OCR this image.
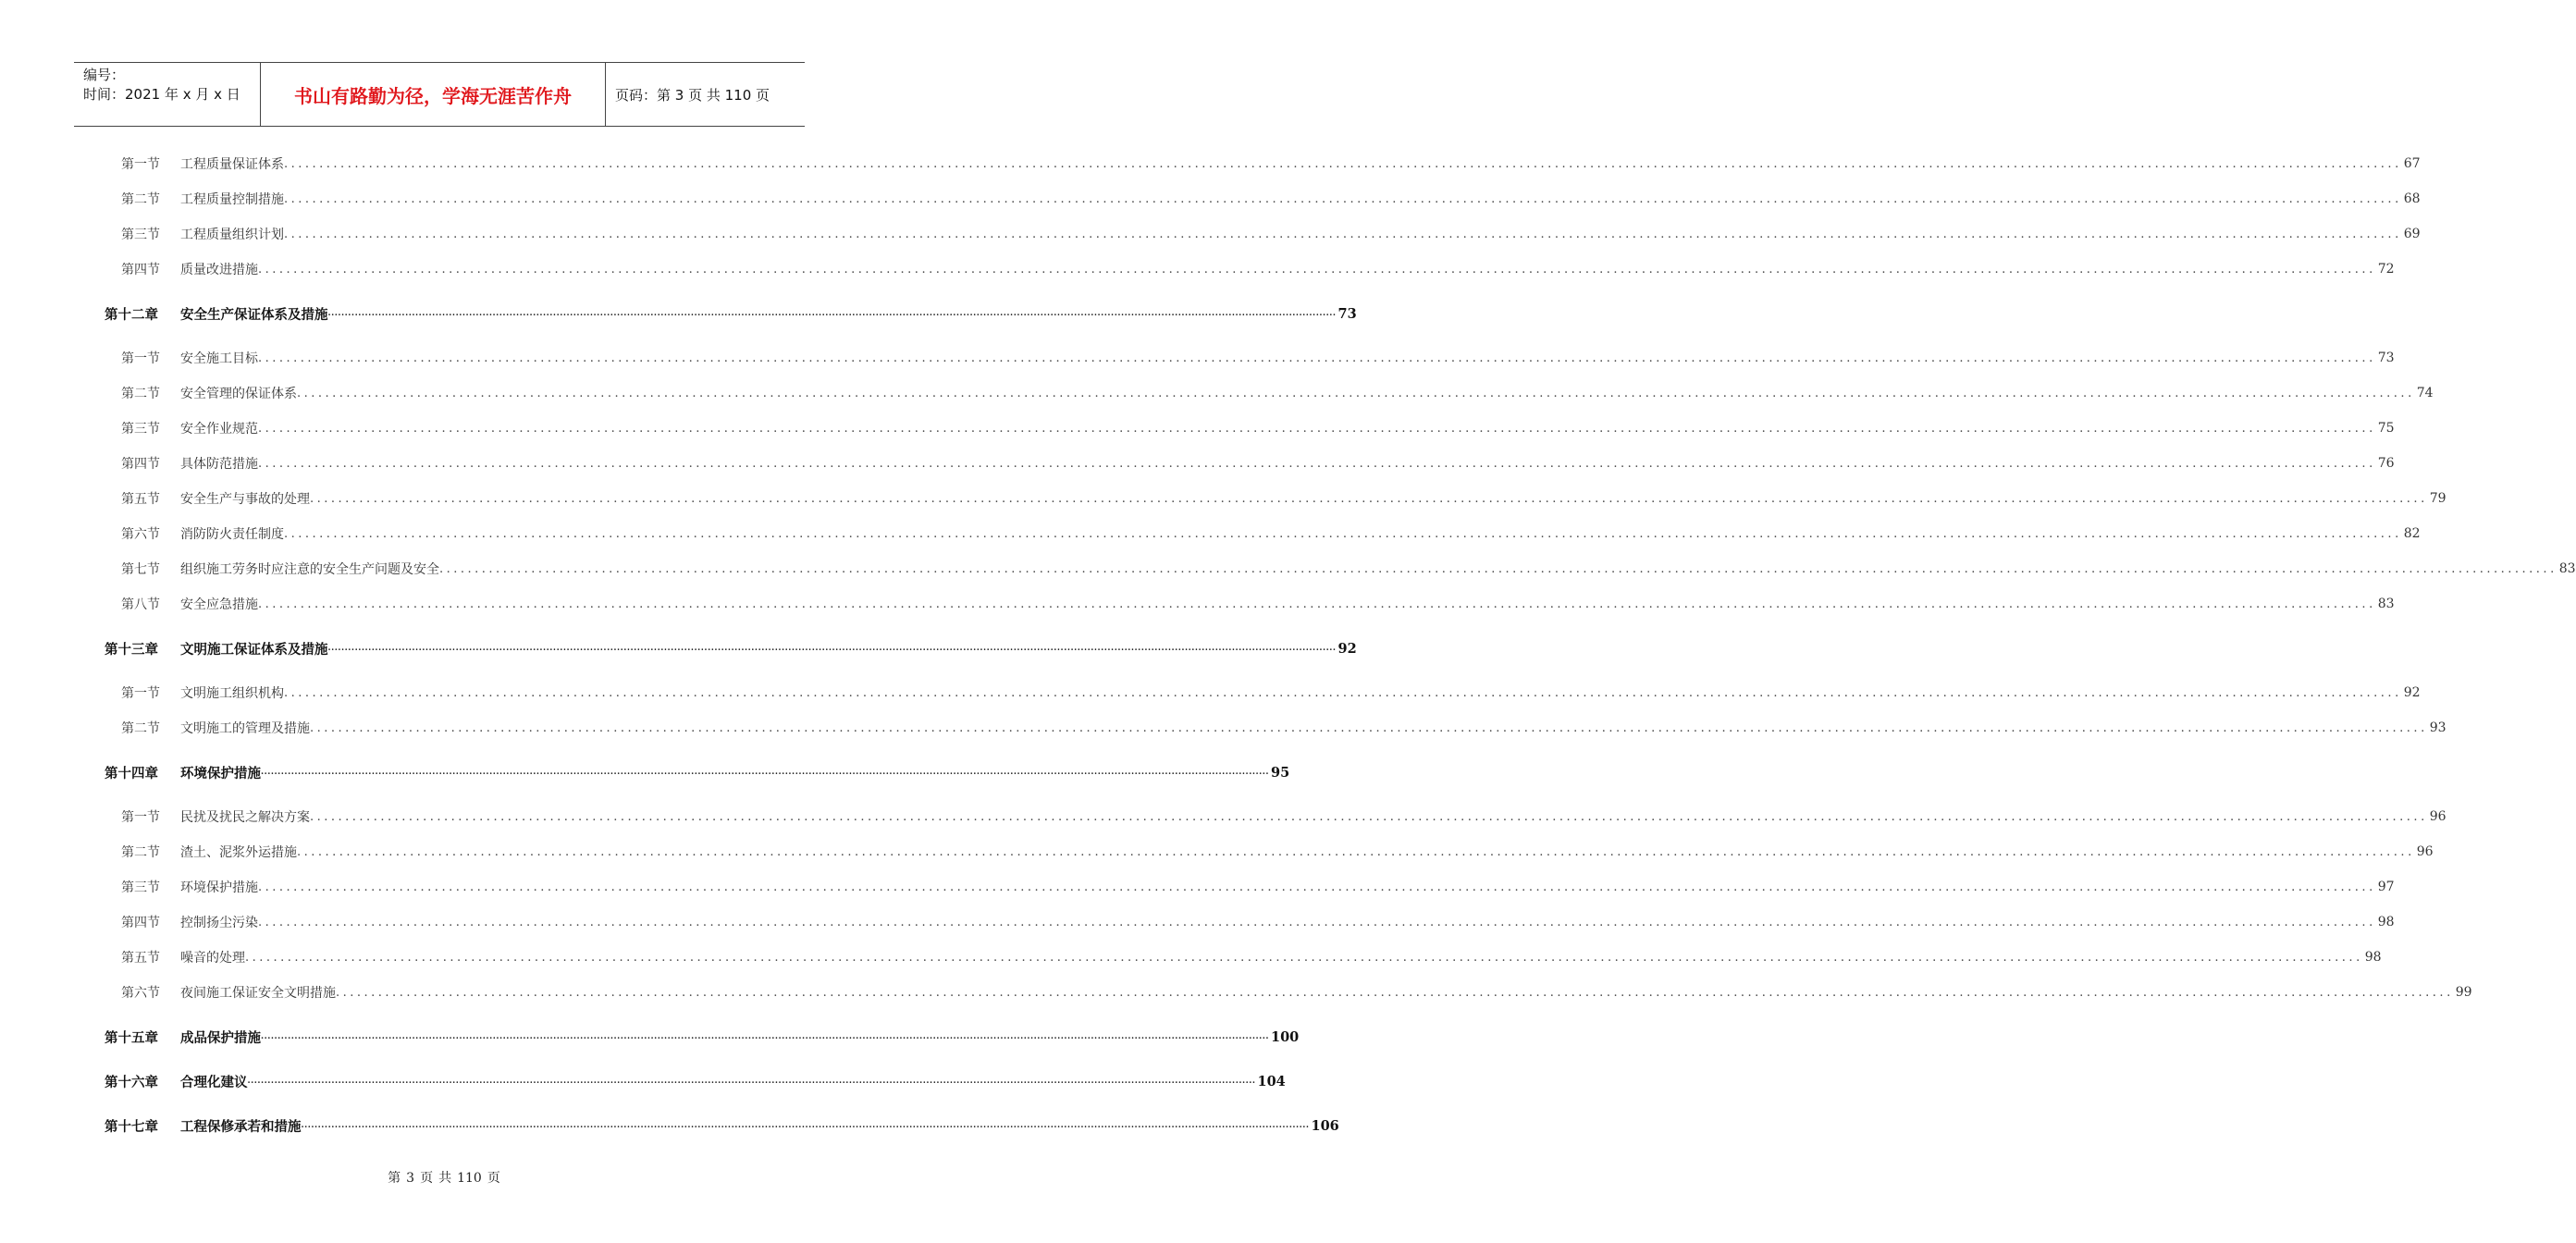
编号：
时间：2021 年 x 月 x 日	书山有路勤为径，学海无涯苦作舟	页码：第 3 页 共 110 页
第一节	工程质量保证体系 ............................................................................................................................................................................................................................................................................................................ 67
第二节	工程质量控制措施 ............................................................................................................................................................................................................................................................................................................ 68
第三节	工程质量组织计划 ............................................................................................................................................................................................................................................................................................................ 69
第四节	质量改进措施 ............................................................................................................................................................................................................................................................................................................ 72
第十二章	安全生产保证体系及措施 ............................................................................................................................................................................................................................................................................................................ 73
第一节	安全施工目标 ............................................................................................................................................................................................................................................................................................................ 73
第二节	安全管理的保证体系 ............................................................................................................................................................................................................................................................................................................ 74
第三节	安全作业规范 ............................................................................................................................................................................................................................................................................................................ 75
第四节	具体防范措施 ............................................................................................................................................................................................................................................................................................................ 76
第五节	安全生产与事故的处理 ............................................................................................................................................................................................................................................................................................................ 79
第六节	消防防火责任制度 ............................................................................................................................................................................................................................................................................................................ 82
第七节	组织施工劳务时应注意的安全生产问题及安全 ............................................................................................................................................................................................................................................................................................................ 83
第八节	安全应急措施 ............................................................................................................................................................................................................................................................................................................ 83
第十三章	文明施工保证体系及措施 ............................................................................................................................................................................................................................................................................................................ 92
第一节	文明施工组织机构 ............................................................................................................................................................................................................................................................................................................ 92
第二节	文明施工的管理及措施 ............................................................................................................................................................................................................................................................................................................ 93
第十四章	环境保护措施 ............................................................................................................................................................................................................................................................................................................ 95
第一节	民扰及扰民之解决方案 ............................................................................................................................................................................................................................................................................................................ 96
第二节	渣土、泥浆外运措施 ............................................................................................................................................................................................................................................................................................................ 96
第三节	环境保护措施 ............................................................................................................................................................................................................................................................................................................ 97
第四节	控制扬尘污染 ............................................................................................................................................................................................................................................................................................................ 98
第五节	噪音的处理 ............................................................................................................................................................................................................................................................................................................ 98
第六节	夜间施工保证安全文明措施 ............................................................................................................................................................................................................................................................................................................ 99
第十五章	成品保护措施 ............................................................................................................................................................................................................................................................................................................ 100
第十六章	合理化建议 ............................................................................................................................................................................................................................................................................................................ 104
第十七章	工程保修承若和措施 ............................................................................................................................................................................................................................................................................................................ 106
第 3 页 共 110 页
